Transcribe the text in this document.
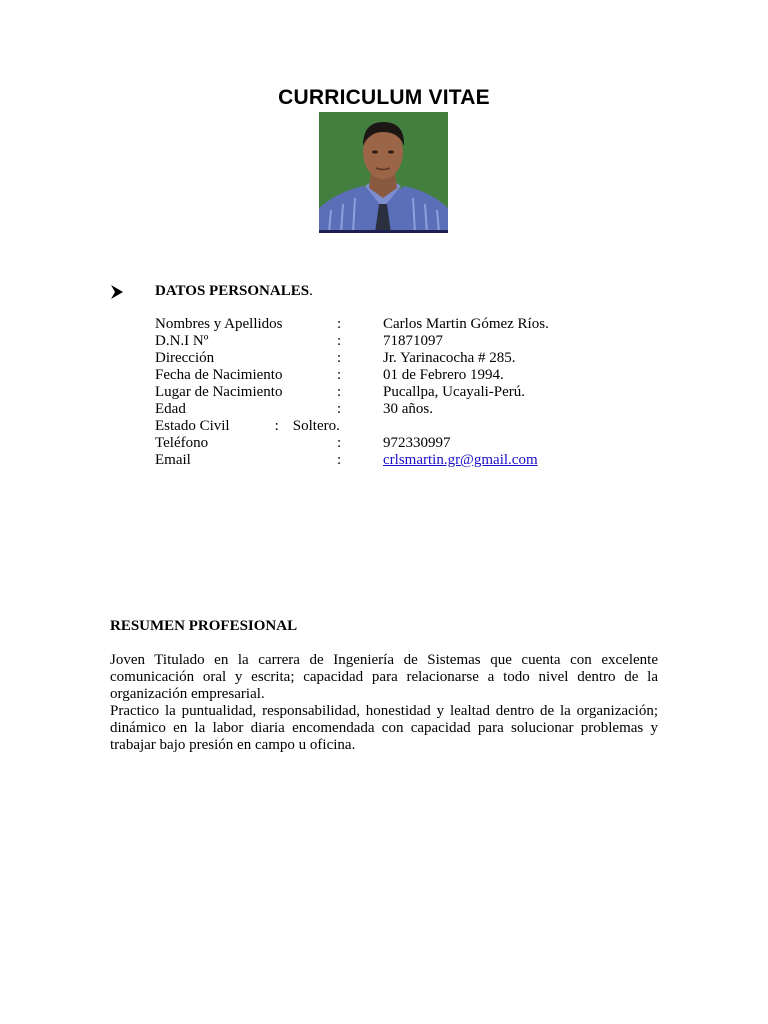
CURRICULUM VITAE
DATOS PERSONALES.
Nombres y Apellidos	:	Carlos Martin Gómez Ríos.
D.N.I Nº	:	71871097
Dirección	:	Jr. Yarinacocha # 285.
Fecha de Nacimiento	:	01 de Febrero 1994.
Lugar de Nacimiento	:	Pucallpa, Ucayali-Perú.
Edad	:	30 años.
Estado Civil	: Soltero.
Teléfono	:	972330997
Email	:	crlsmartin.gr@gmail.com
RESUMEN PROFESIONAL

Joven Titulado en la carrera de Ingeniería de Sistemas que cuenta con excelente comunicación oral y escrita; capacidad para relacionarse a todo nivel dentro de la organización empresarial.

Practico la puntualidad, responsabilidad, honestidad y lealtad dentro de la organización; dinámico en la labor diaria encomendada con capacidad para solucionar problemas y trabajar bajo presión en campo u oficina.
